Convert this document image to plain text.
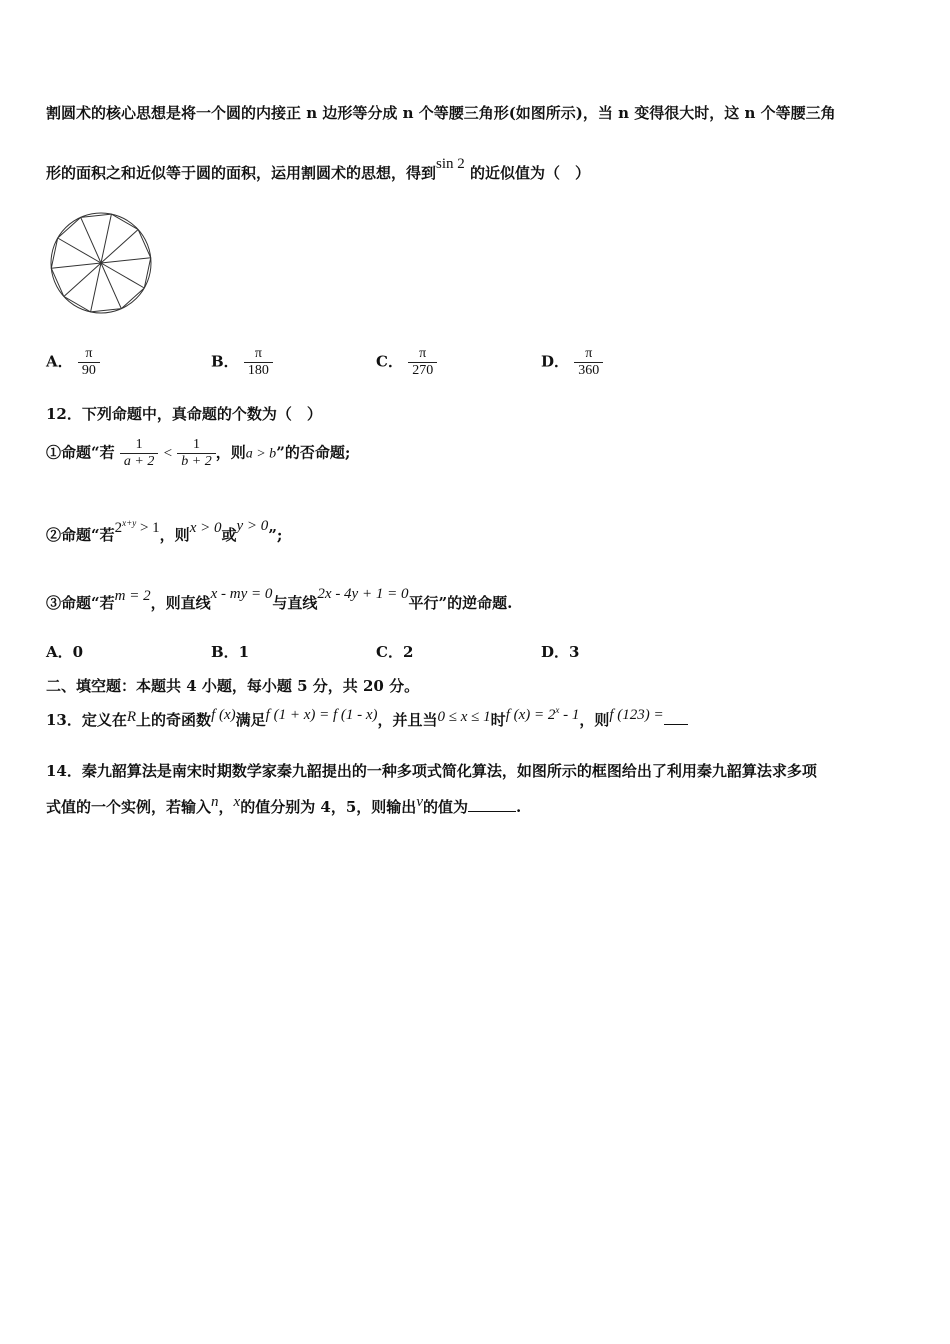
割圆术的核心思想是将一个圆的内接正 n 边形等分成 n 个等腰三角形(如图所示)，当 n 变得很大时，这 n 个等腰三角
形的面积之和近似等于圆的面积，运用割圆术的思想，得到sin 2 的近似值为（　）
A． $\frac{\pi}{90}$	B． $\frac{\pi}{180}$	C． $\frac{\pi}{270}$	D． $\frac{\pi}{360}$
12．下列命题中，真命题的个数为（　）
①命题“若 $\frac{1}{a + 2} < \frac{1}{b + 2}$ ，则a > b”的否命题;
②命题“若$2^{x+y} > 1$，则x > 0或y > 0”;
③命题“若m = 2，则直线x - my = 0与直线2x - 4y + 1 = 0平行”的逆命题.
A．0	B．1	C．2	D．3
二、填空题：本题共 4 小题，每小题 5 分，共 20 分。
13．定义在R上的奇函数f (x)满足f (1 + x) = f (1 - x)，并且当0 ≤ x ≤ 1时f $(x) = 2^x - 1$，则f (123) =
14．秦九韶算法是南宋时期数学家秦九韶提出的一种多项式简化算法，如图所示的框图给出了利用秦九韶算法求多项
式值的一个实例，若输入n，x的值分别为 4，5，则输出v的值为	.
